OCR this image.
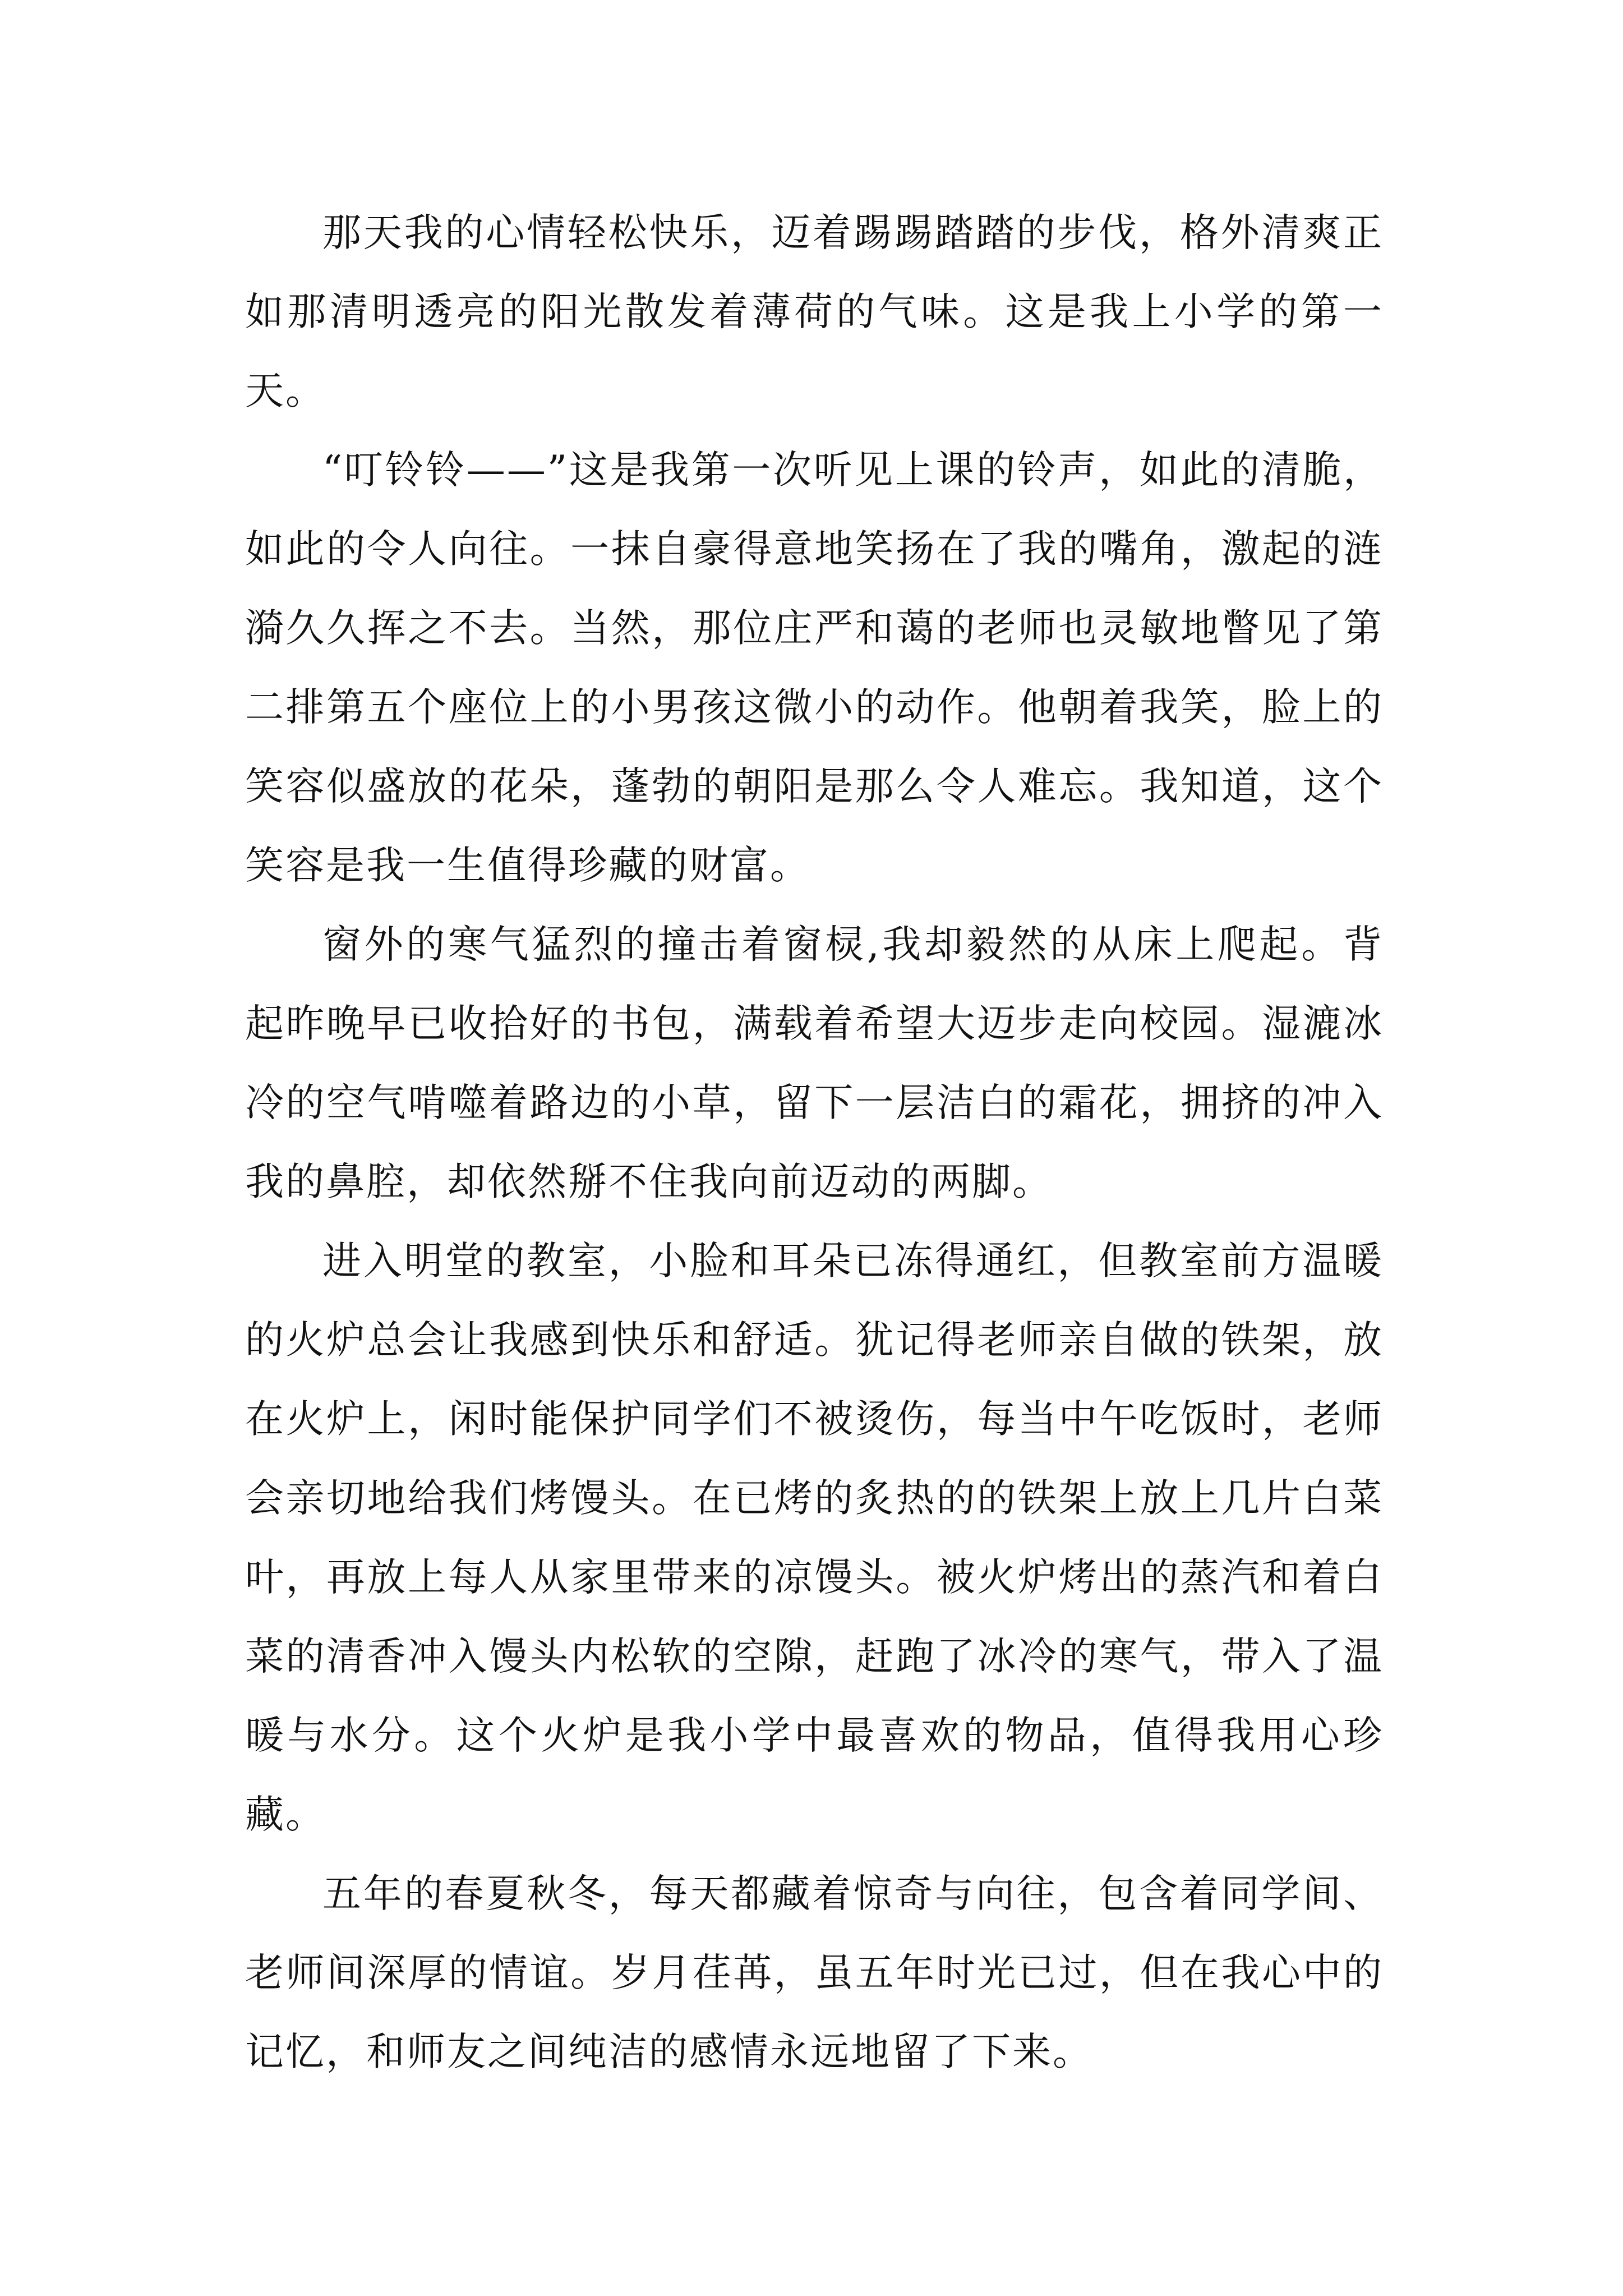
那天我的心情轻松快乐，迈着踢踢踏踏的步伐，格外清爽正如那清明透亮的阳光散发着薄荷的气味。这是我上小学的第一天。

“叮铃铃——”这是我第一次听见上课的铃声，如此的清脆，如此的令人向往。一抹自豪得意地笑扬在了我的嘴角，激起的涟漪久久挥之不去。当然，那位庄严和蔼的老师也灵敏地瞥见了第二排第五个座位上的小男孩这微小的动作。他朝着我笑，脸上的笑容似盛放的花朵，蓬勃的朝阳是那么令人难忘。我知道，这个笑容是我一生值得珍藏的财富。

窗外的寒气猛烈的撞击着窗棂,我却毅然的从床上爬起。背起昨晚早已收拾好的书包，满载着希望大迈步走向校园。湿漉冰冷的空气啃噬着路边的小草，留下一层洁白的霜花，拥挤的冲入我的鼻腔，却依然掰不住我向前迈动的两脚。

进入明堂的教室，小脸和耳朵已冻得通红，但教室前方温暖的火炉总会让我感到快乐和舒适。犹记得老师亲自做的铁架，放在火炉上，闲时能保护同学们不被烫伤，每当中午吃饭时，老师会亲切地给我们烤馒头。在已烤的炙热的的铁架上放上几片白菜叶，再放上每人从家里带来的凉馒头。被火炉烤出的蒸汽和着白菜的清香冲入馒头内松软的空隙，赶跑了冰冷的寒气，带入了温暖与水分。这个火炉是我小学中最喜欢的物品，值得我用心珍藏。

五年的春夏秋冬，每天都藏着惊奇与向往，包含着同学间、老师间深厚的情谊。岁月荏苒，虽五年时光已过，但在我心中的记忆，和师友之间纯洁的感情永远地留了下来。
